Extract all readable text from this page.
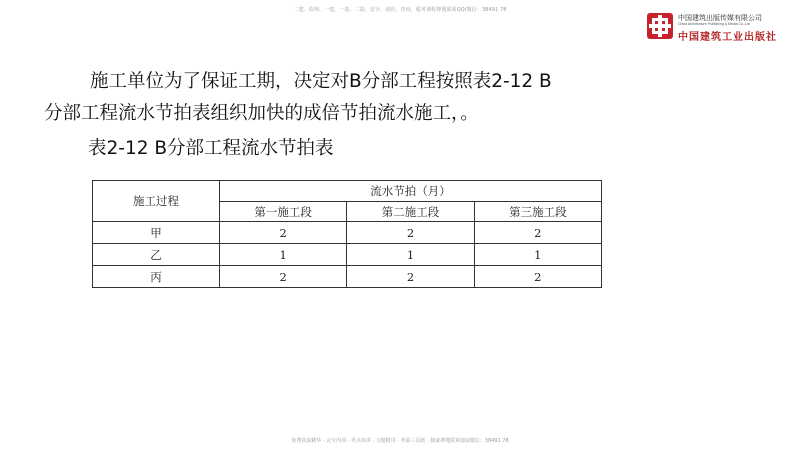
二建、监理、一建、一造、二造、安全、消防、咨询、税务课程押题联系QQ/微信：38491 78
中国建筑出版传媒有限公司
China Architecture Publishing & Media Co.,Ltd
中国建筑工业出版社
施工单位为了保证工期，决定对B分部工程按照表2-12 B
分部工程流水节拍表组织加快的成倍节拍流水施工，。
表2-12 B分部工程流水节拍表
施工过程	流水节拍（月）		
	第一施工段	第二施工段	第三施工段
甲	2	2	2
乙	1	1	1
丙	2	2	2
免费获取精华 · 完全内训 · 考点串讲 · 习题精讲 · 考前三页纸 · 独家押题联系QQ/微信：38491 78
